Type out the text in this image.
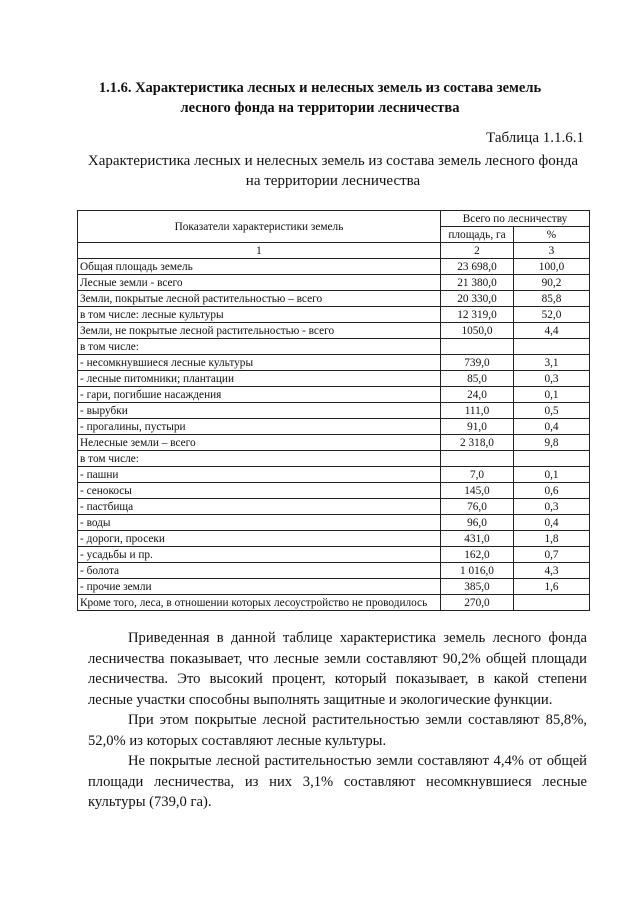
1.1.6. Характеристика лесных и нелесных земель из состава земель
лесного фонда на территории лесничества
Таблица 1.1.6.1
Характеристика лесных и нелесных земель из состава земель лесного фонда
на территории лесничества
Показатели характеристики земель	Всего по лесничеству	
	площадь, га	%
1	2	3
Общая площадь земель	23 698,0	100,0
Лесные земли - всего	21 380,0	90,2
Земли, покрытые лесной растительностью – всего	20 330,0	85,8
в том числе: лесные культуры	12 319,0	52,0
Земли, не покрытые лесной растительностью - всего	1050,0	4,4
в том числе:		
- несомкнувшиеся лесные культуры	739,0	3,1
- лесные питомники; плантации	85,0	0,3
- гари, погибшие насаждения	24,0	0,1
- вырубки	111,0	0,5
- прогалины, пустыри	91,0	0,4
Нелесные земли – всего	2 318,0	9,8
в том числе:		
- пашни	7,0	0,1
- сенокосы	145,0	0,6
- пастбища	76,0	0,3
- воды	96,0	0,4
- дороги, просеки	431,0	1,8
- усадьбы и пр.	162,0	0,7
- болота	1 016,0	4,3
- прочие земли	385,0	1,6
Кроме того, леса, в отношении которых лесоустройство не проводилось	270,0	

Приведенная в данной таблице характеристика земель лесного фонда лесничества показывает, что лесные земли составляют 90,2% общей площади лесничества. Это высокий процент, который показывает, в какой степени лесные участки способны выполнять защитные и экологические функции.

При этом покрытые лесной растительностью земли составляют 85,8%, 52,0% из которых составляют лесные культуры.

Не покрытые лесной растительностью земли составляют 4,4% от общей площади лесничества, из них 3,1% составляют несомкнувшиеся лесные культуры (739,0 га).
